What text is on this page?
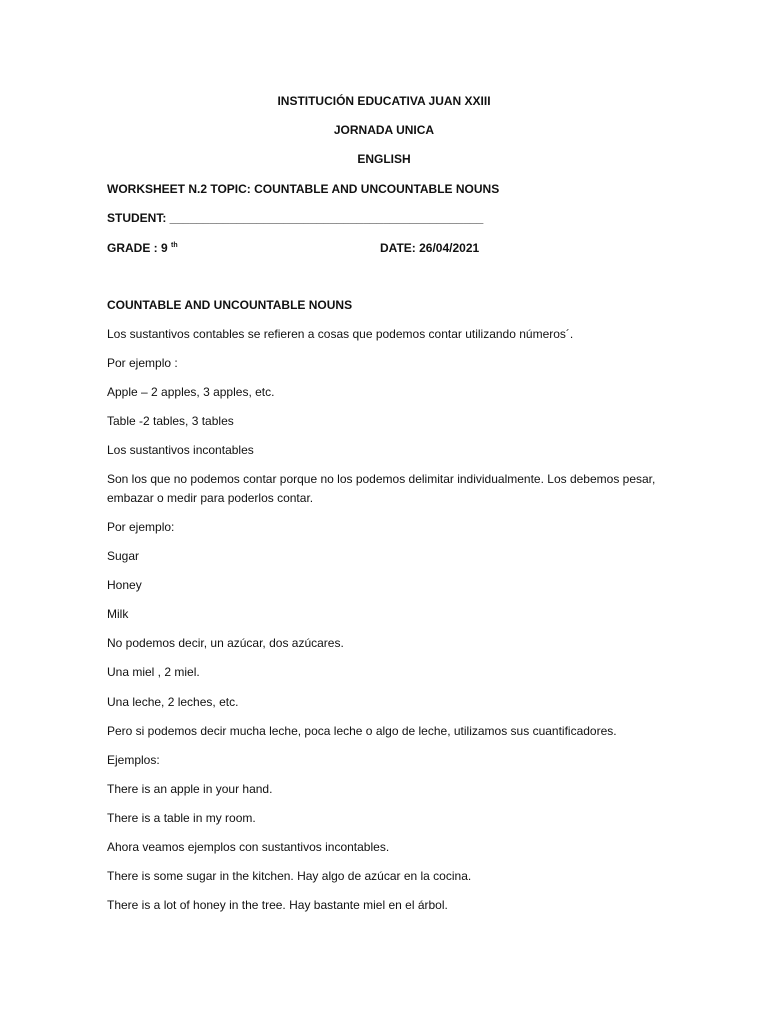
INSTITUCIÓN EDUCATIVA JUAN XXIII
JORNADA UNICA
ENGLISH
WORKSHEET N.2 TOPIC: COUNTABLE AND UNCOUNTABLE NOUNS
STUDENT: _______________________________________________
GRADE : 9 $^{th}$	DATE: 26/04/2021
COUNTABLE AND UNCOUNTABLE NOUNS
Los sustantivos contables se refieren a cosas que podemos contar utilizando números´.
Por ejemplo :
Apple – 2 apples, 3 apples, etc.
Table -2 tables, 3 tables
Los sustantivos incontables
Son los que no podemos contar porque no los podemos delimitar individualmente. Los debemos pesar, embazar o medir para poderlos contar.
Por ejemplo:
Sugar
Honey
Milk
No podemos decir, un azúcar, dos azúcares.
Una miel , 2 miel.
Una leche, 2 leches, etc.
Pero si podemos decir mucha leche, poca leche o algo de leche, utilizamos sus cuantificadores.
Ejemplos:
There is an apple in your hand.
There is a table in my room.
Ahora veamos ejemplos con sustantivos incontables.
There is some sugar in the kitchen. Hay algo de azúcar en la cocina.
There is a lot of honey in the tree. Hay bastante miel en el árbol.
